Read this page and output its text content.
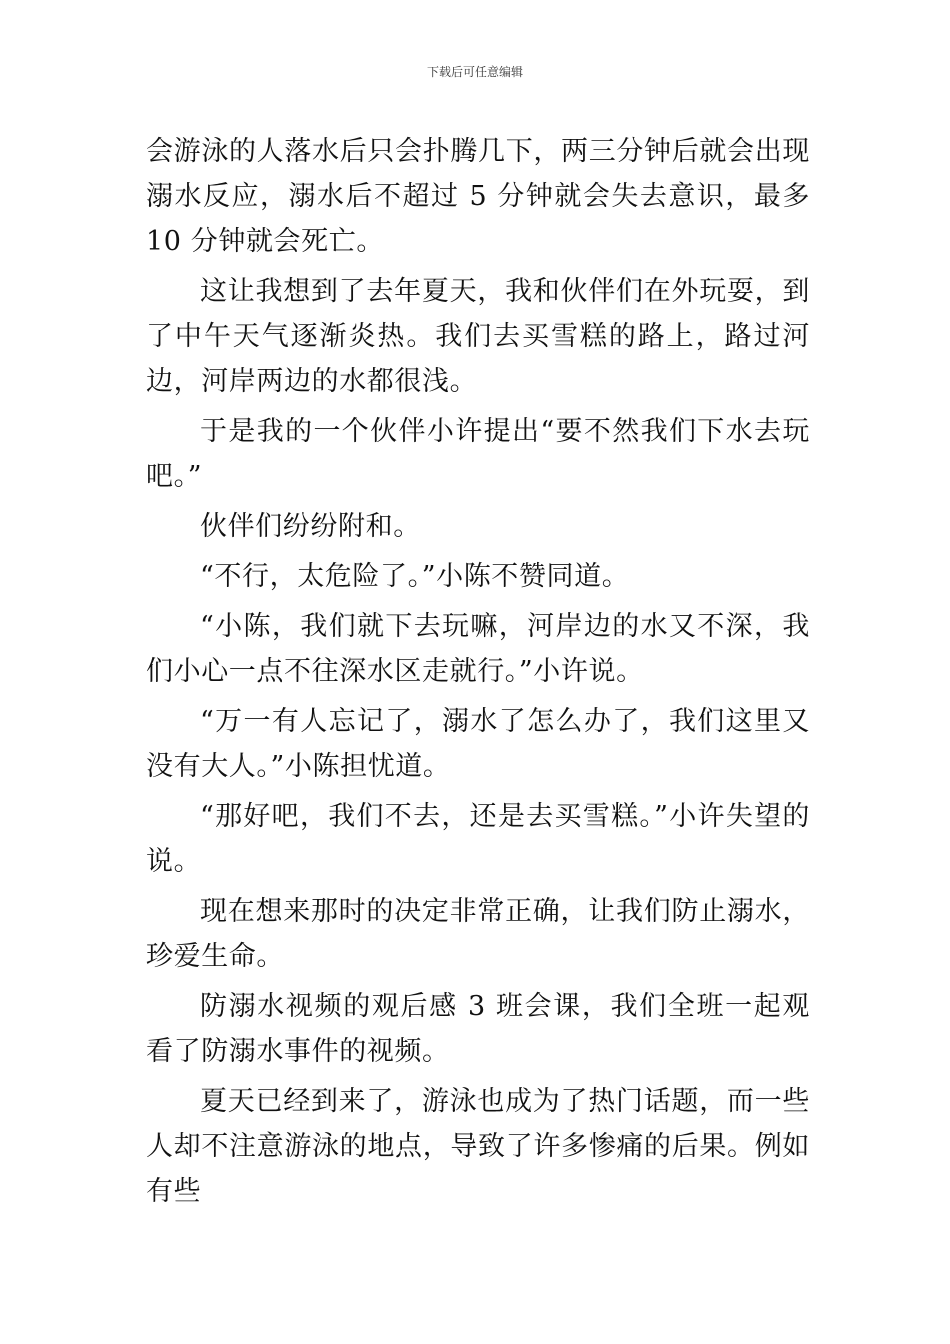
下载后可任意编辑

会游泳的人落水后只会扑腾几下，两三分钟后就会出现溺水反应，溺水后不超过 5 分钟就会失去意识，最多 10 分钟就会死亡。

这让我想到了去年夏天，我和伙伴们在外玩耍，到了中午天气逐渐炎热。我们去买雪糕的路上，路过河边，河岸两边的水都很浅。

于是我的一个伙伴小许提出“要不然我们下水去玩吧。”

伙伴们纷纷附和。

“不行，太危险了。”小陈不赞同道。

“小陈，我们就下去玩嘛，河岸边的水又不深，我们小心一点不往深水区走就行。”小许说。

“万一有人忘记了，溺水了怎么办了，我们这里又没有大人。”小陈担忧道。

“那好吧，我们不去，还是去买雪糕。”小许失望的说。

现在想来那时的决定非常正确，让我们防止溺水，珍爱生命。

防溺水视频的观后感 3 班会课，我们全班一起观看了防溺水事件的视频。

夏天已经到来了，游泳也成为了热门话题，而一些人却不注意游泳的地点，导致了许多惨痛的后果。例如有些
